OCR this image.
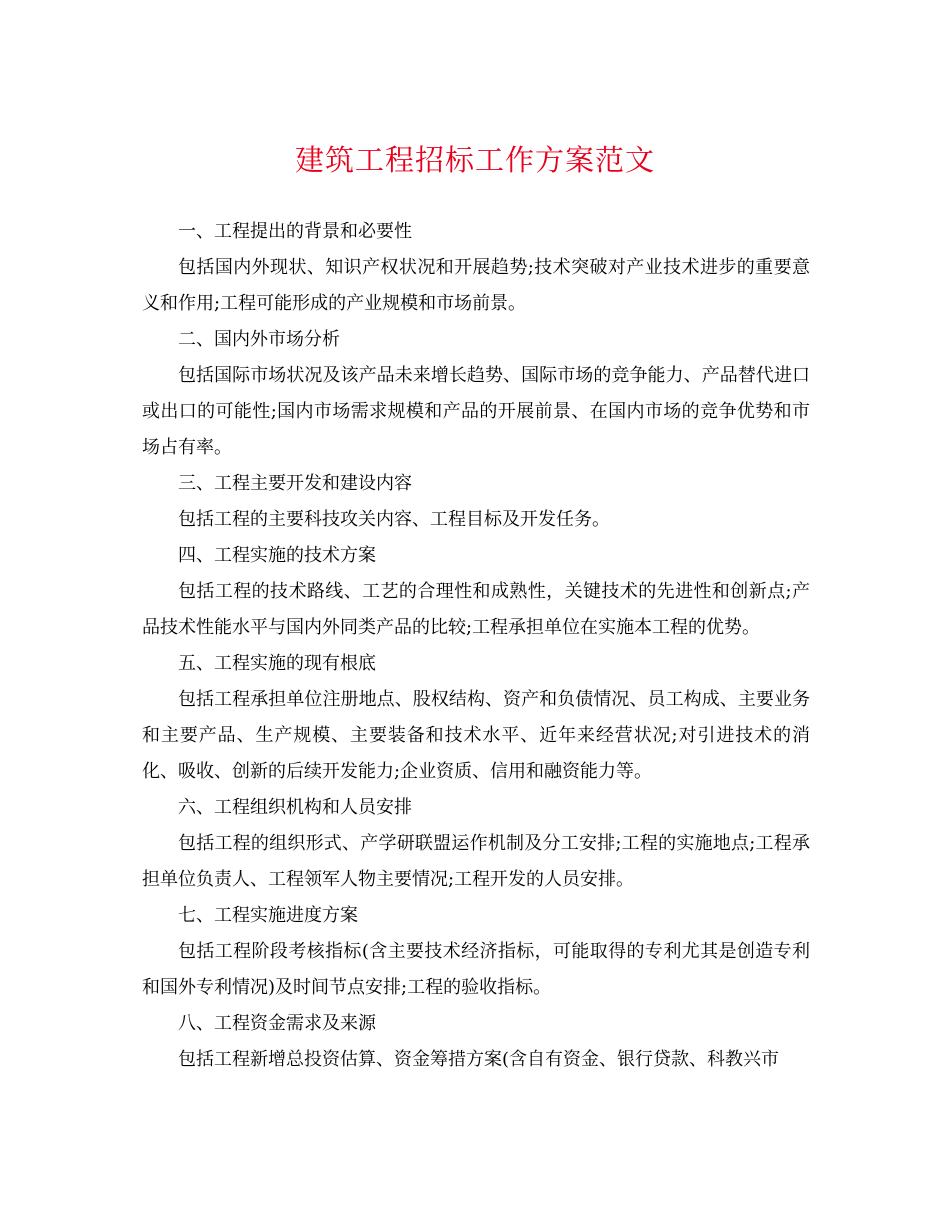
建筑工程招标工作方案范文

一、工程提出的背景和必要性

包括国内外现状、知识产权状况和开展趋势;技术突破对产业技术进步的重要意义和作用;工程可能形成的产业规模和市场前景。

二、国内外市场分析

包括国际市场状况及该产品未来增长趋势、国际市场的竞争能力、产品替代进口或出口的可能性;国内市场需求规模和产品的开展前景、在国内市场的竞争优势和市场占有率。

三、工程主要开发和建设内容

包括工程的主要科技攻关内容、工程目标及开发任务。

四、工程实施的技术方案

包括工程的技术路线、工艺的合理性和成熟性，关键技术的先进性和创新点;产品技术性能水平与国内外同类产品的比较;工程承担单位在实施本工程的优势。

五、工程实施的现有根底

包括工程承担单位注册地点、股权结构、资产和负债情况、员工构成、主要业务和主要产品、生产规模、主要装备和技术水平、近年来经营状况;对引进技术的消化、吸收、创新的后续开发能力;企业资质、信用和融资能力等。

六、工程组织机构和人员安排

包括工程的组织形式、产学研联盟运作机制及分工安排;工程的实施地点;工程承担单位负责人、工程领军人物主要情况;工程开发的人员安排。

七、工程实施进度方案

包括工程阶段考核指标(含主要技术经济指标，可能取得的专利尤其是创造专利和国外专利情况)及时间节点安排;工程的验收指标。

八、工程资金需求及来源

包括工程新增总投资估算、资金筹措方案(含自有资金、银行贷款、科教兴市
